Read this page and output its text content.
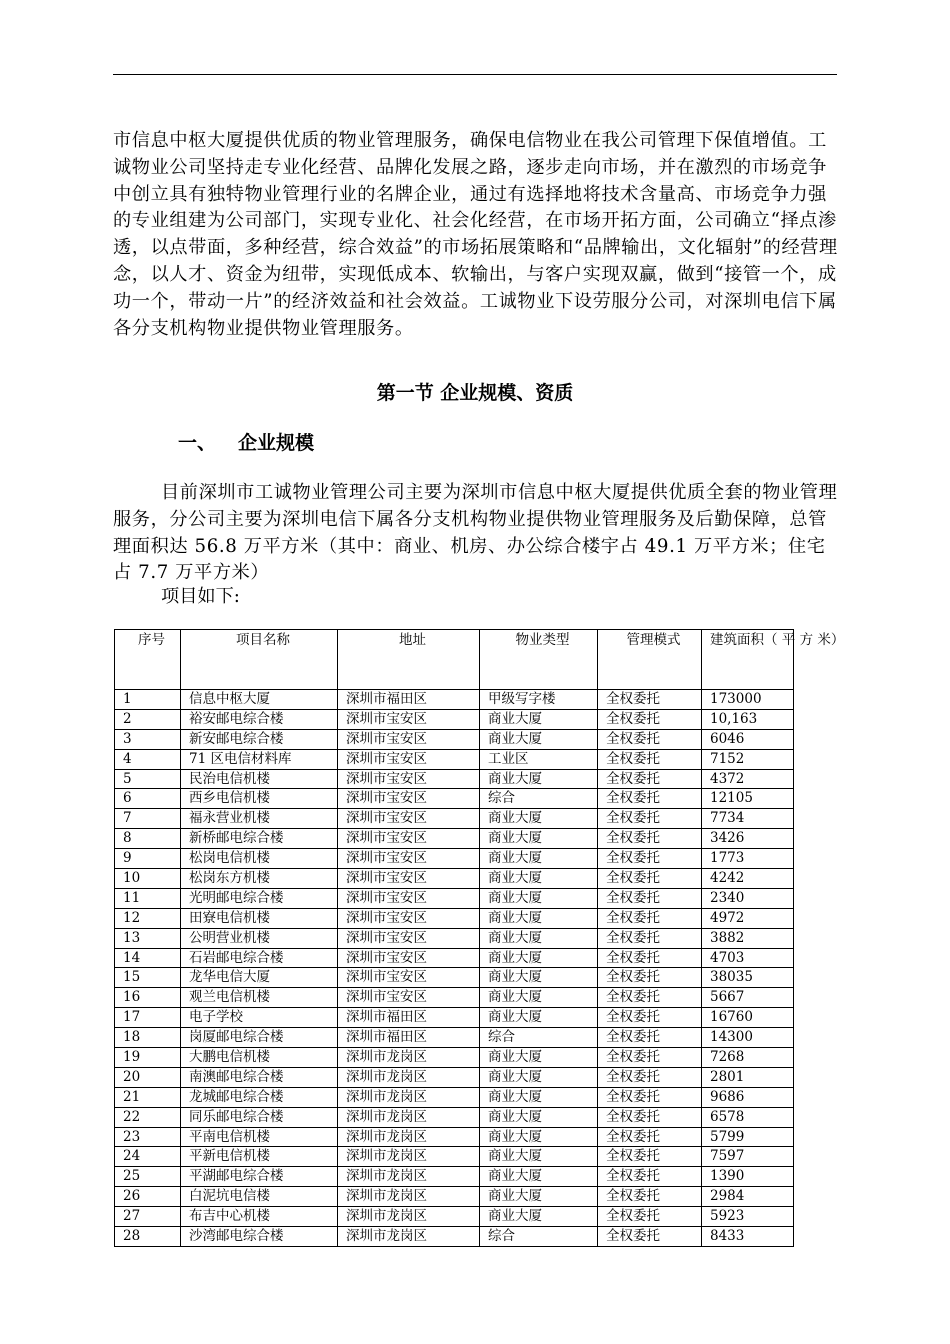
市信息中枢大厦提供优质的物业管理服务，确保电信物业在我公司管理下保值增值。工诚物业公司坚持走专业化经营、品牌化发展之路，逐步走向市场，并在激烈的市场竞争中创立具有独特物业管理行业的名牌企业，通过有选择地将技术含量高、市场竞争力强的专业组建为公司部门，实现专业化、社会化经营，在市场开拓方面，公司确立“择点渗透，以点带面，多种经营，综合效益”的市场拓展策略和“品牌输出，文化辐射”的经营理念，以人才、资金为纽带，实现低成本、软输出，与客户实现双赢，做到“接管一个，成功一个，带动一片”的经济效益和社会效益。工诚物业下设劳服分公司，对深圳电信下属各分支机构物业提供物业管理服务。

第一节 企业规模、资质
一、 企业规模

目前深圳市工诚物业管理公司主要为深圳市信息中枢大厦提供优质全套的物业管理服务，分公司主要为深圳电信下属各分支机构物业提供物业管理服务及后勤保障，总管理面积达 56.8 万平方米（其中：商业、机房、办公综合楼宇占 49.1 万平方米；住宅占 7.7 万平方米）

项目如下:

序号	项目名称	地址	物业类型	管理模式	建筑面积（ 平 方 米）
1	信息中枢大厦	深圳市福田区	甲级写字楼	全权委托	173000
2	裕安邮电综合楼	深圳市宝安区	商业大厦	全权委托	10,163
3	新安邮电综合楼	深圳市宝安区	商业大厦	全权委托	6046
4	71 区电信材料库	深圳市宝安区	工业区	全权委托	7152
5	民治电信机楼	深圳市宝安区	商业大厦	全权委托	4372
6	西乡电信机楼	深圳市宝安区	综合	全权委托	12105
7	福永营业机楼	深圳市宝安区	商业大厦	全权委托	7734
8	新桥邮电综合楼	深圳市宝安区	商业大厦	全权委托	3426
9	松岗电信机楼	深圳市宝安区	商业大厦	全权委托	1773
10	松岗东方机楼	深圳市宝安区	商业大厦	全权委托	4242
11	光明邮电综合楼	深圳市宝安区	商业大厦	全权委托	2340
12	田寮电信机楼	深圳市宝安区	商业大厦	全权委托	4972
13	公明营业机楼	深圳市宝安区	商业大厦	全权委托	3882
14	石岩邮电综合楼	深圳市宝安区	商业大厦	全权委托	4703
15	龙华电信大厦	深圳市宝安区	商业大厦	全权委托	38035
16	观兰电信机楼	深圳市宝安区	商业大厦	全权委托	5667
17	电子学校	深圳市福田区	商业大厦	全权委托	16760
18	岗厦邮电综合楼	深圳市福田区	综合	全权委托	14300
19	大鹏电信机楼	深圳市龙岗区	商业大厦	全权委托	7268
20	南澳邮电综合楼	深圳市龙岗区	商业大厦	全权委托	2801
21	龙城邮电综合楼	深圳市龙岗区	商业大厦	全权委托	9686
22	同乐邮电综合楼	深圳市龙岗区	商业大厦	全权委托	6578
23	平南电信机楼	深圳市龙岗区	商业大厦	全权委托	5799
24	平新电信机楼	深圳市龙岗区	商业大厦	全权委托	7597
25	平湖邮电综合楼	深圳市龙岗区	商业大厦	全权委托	1390
26	白泥坑电信楼	深圳市龙岗区	商业大厦	全权委托	2984
27	布吉中心机楼	深圳市龙岗区	商业大厦	全权委托	5923
28	沙湾邮电综合楼	深圳市龙岗区	综合	全权委托	8433
